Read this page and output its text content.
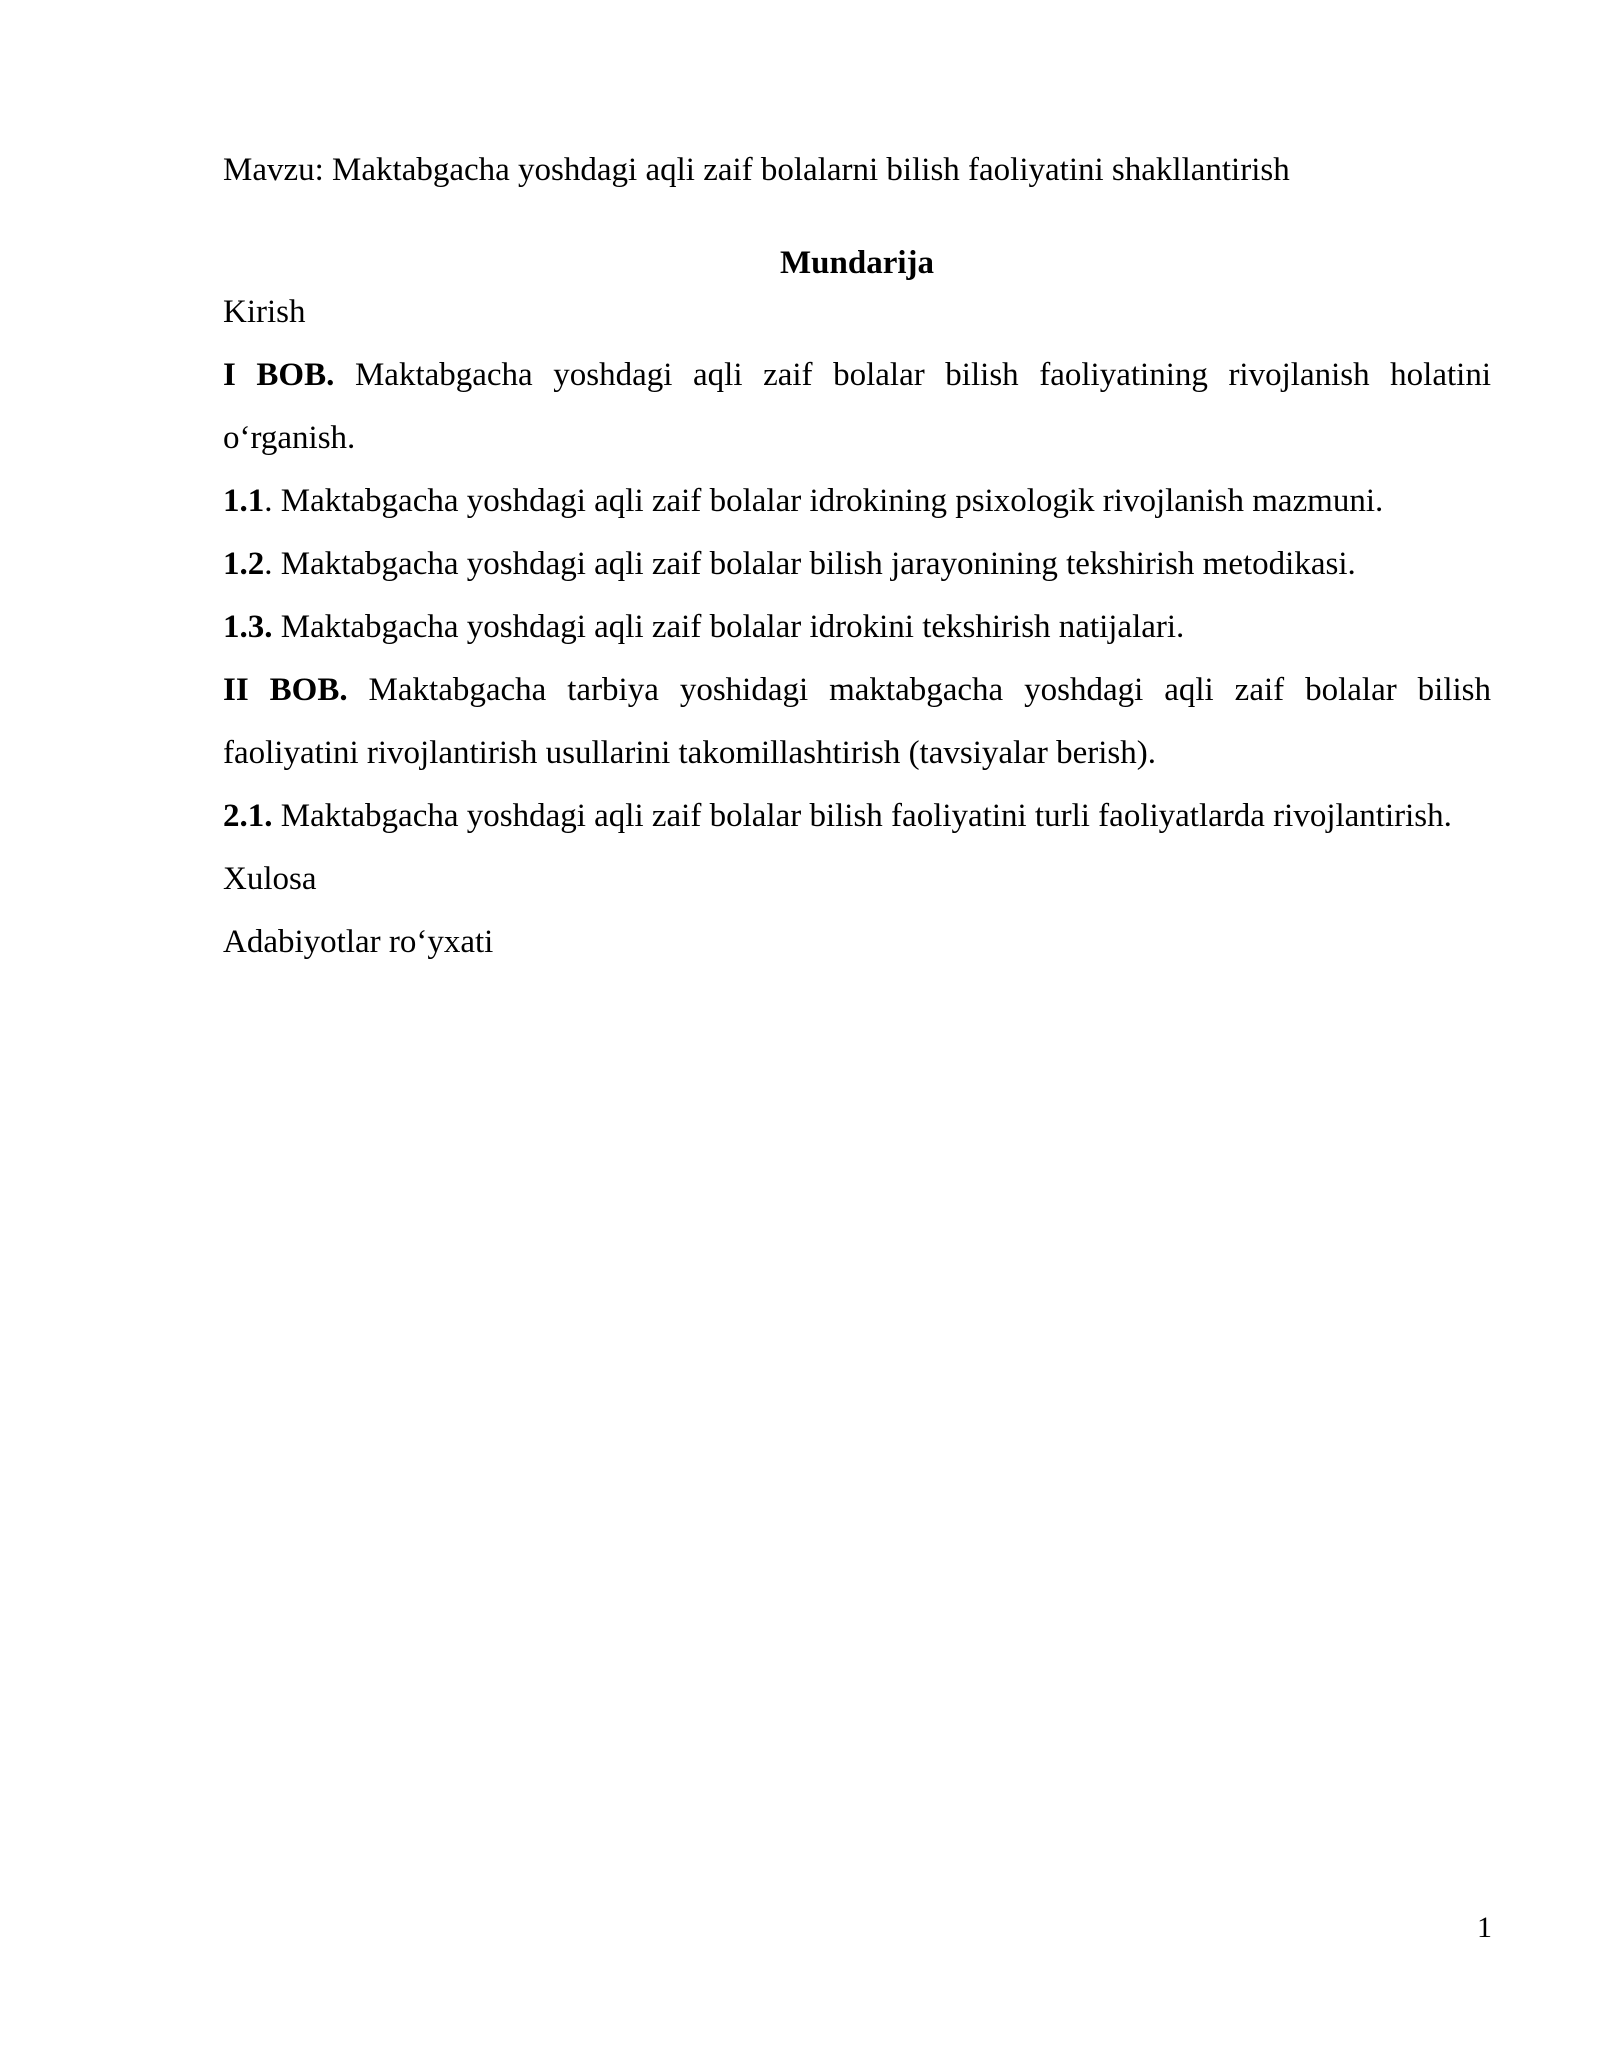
Mavzu: Maktabgacha yoshdagi aqli zaif bolalarni bilish faoliyatini shakllantirish
Mundarija

Kirish

I BOB. Maktabgacha yoshdagi aqli zaif bolalar bilish faoliyatining rivojlanish holatini o‘rganish.

1.1. Maktabgacha yoshdagi aqli zaif bolalar idrokining psixologik rivojlanish mazmuni.

1.2. Maktabgacha yoshdagi aqli zaif bolalar bilish jarayonining tekshirish metodikasi.

1.3. Maktabgacha yoshdagi aqli zaif bolalar idrokini tekshirish natijalari.

II BOB. Maktabgacha tarbiya yoshidagi maktabgacha yoshdagi aqli zaif bolalar bilish faoliyatini rivojlantirish usullarini takomillashtirish (tavsiyalar berish).

2.1. Maktabgacha yoshdagi aqli zaif bolalar bilish faoliyatini turli faoliyatlarda rivojlantirish.

Xulosa

Adabiyotlar ro‘yxati

1
